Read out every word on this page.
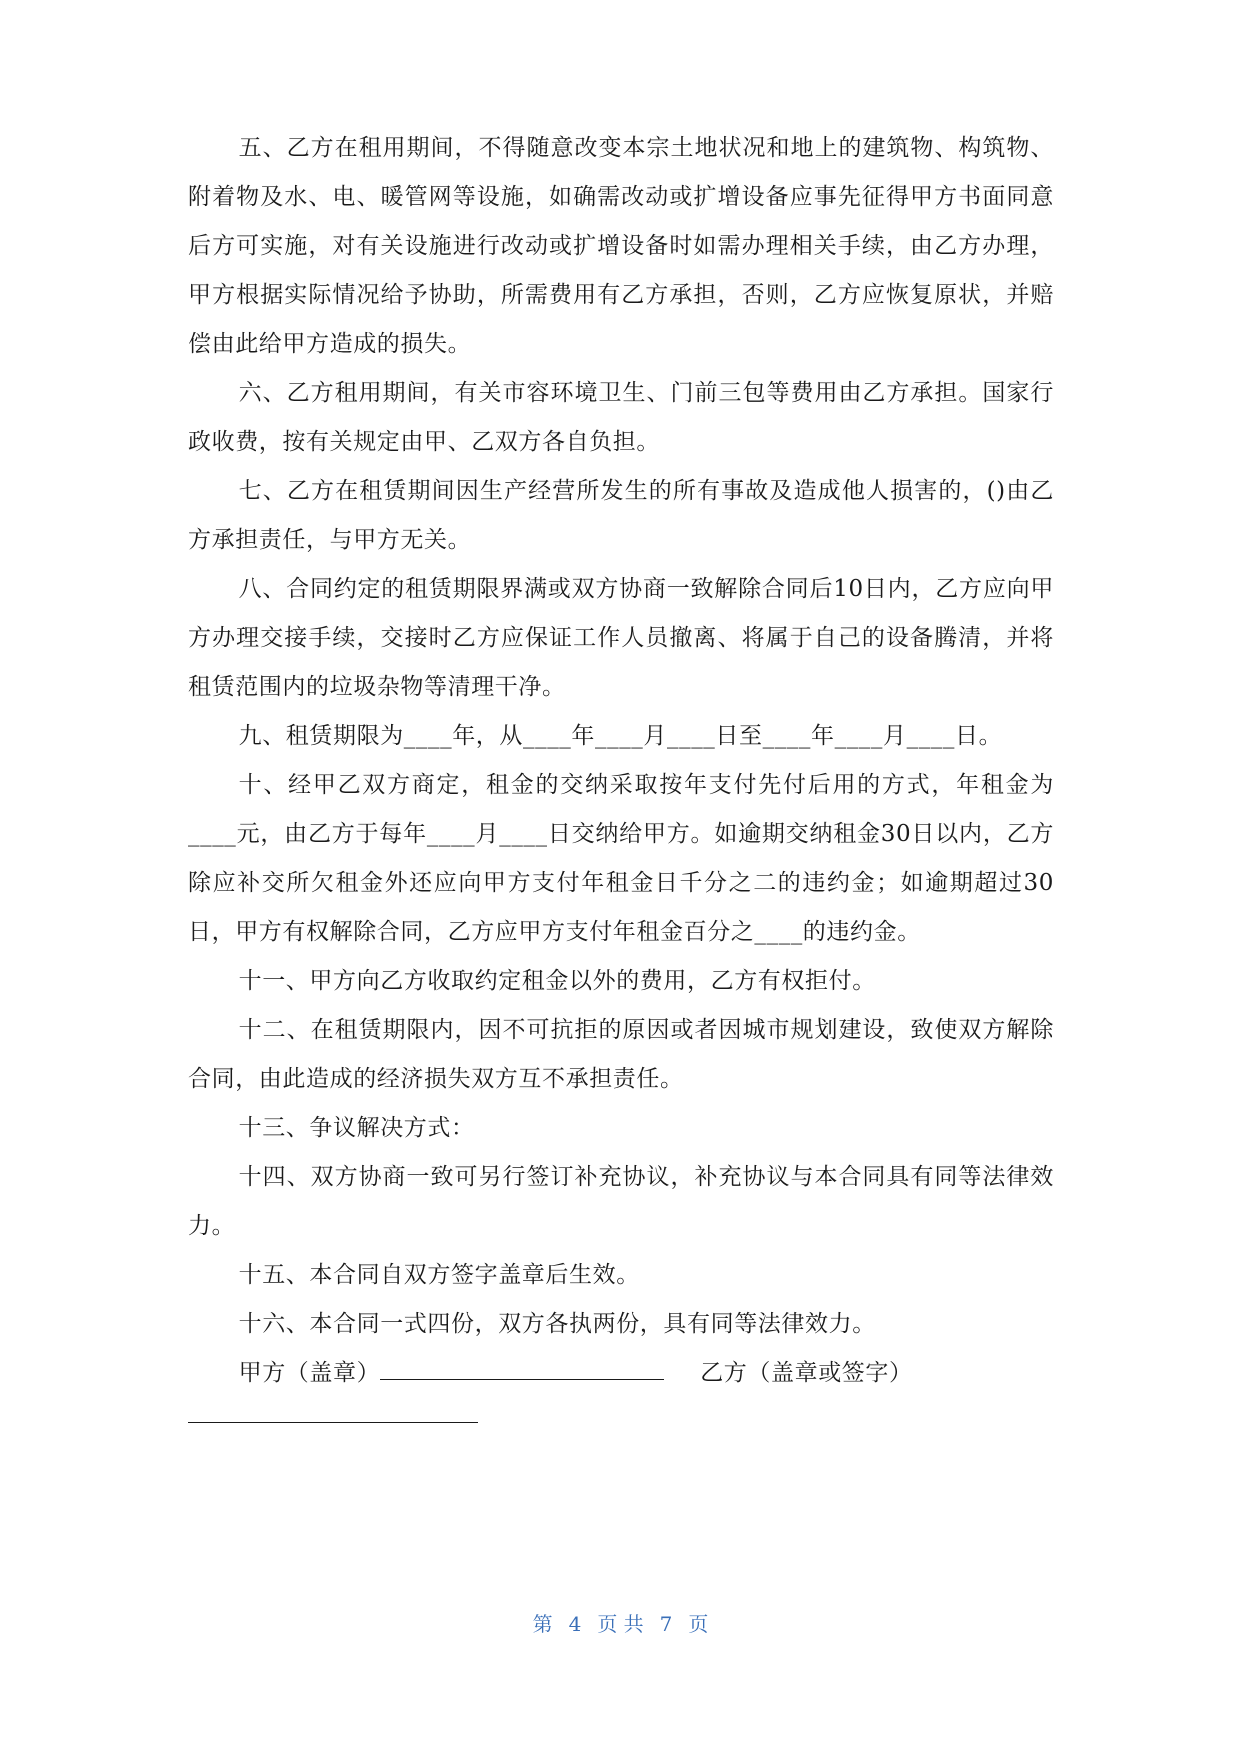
五、乙方在租用期间，不得随意改变本宗土地状况和地上的建筑物、构筑物、附着物及水、电、暖管网等设施，如确需改动或扩增设备应事先征得甲方书面同意后方可实施，对有关设施进行改动或扩增设备时如需办理相关手续，由乙方办理，甲方根据实际情况给予协助，所需费用有乙方承担，否则，乙方应恢复原状，并赔偿由此给甲方造成的损失。

六、乙方租用期间，有关市容环境卫生、门前三包等费用由乙方承担。国家行政收费，按有关规定由甲、乙双方各自负担。

七、乙方在租赁期间因生产经营所发生的所有事故及造成他人损害的，()由乙方承担责任，与甲方无关。

八、合同约定的租赁期限界满或双方协商一致解除合同后10日内，乙方应向甲方办理交接手续，交接时乙方应保证工作人员撤离、将属于自己的设备腾清，并将租赁范围内的垃圾杂物等清理干净。

九、租赁期限为____年，从____年____月____日至____年____月____日。

十、经甲乙双方商定，租金的交纳采取按年支付先付后用的方式，年租金为____元，由乙方于每年____月____日交纳给甲方。如逾期交纳租金30日以内，乙方除应补交所欠租金外还应向甲方支付年租金日千分之二的违约金；如逾期超过30日，甲方有权解除合同，乙方应甲方支付年租金百分之____的违约金。

十一、甲方向乙方收取约定租金以外的费用，乙方有权拒付。

十二、在租赁期限内，因不可抗拒的原因或者因城市规划建设，致使双方解除合同，由此造成的经济损失双方互不承担责任。

十三、争议解决方式：

十四、双方协商一致可另行签订补充协议，补充协议与本合同具有同等法律效力。

十五、本合同自双方签字盖章后生效。

十六、本合同一式四份，双方各执两份，具有同等法律效力。

甲方（盖章）	乙方（盖章或签字）

第 4 页 共 7 页
